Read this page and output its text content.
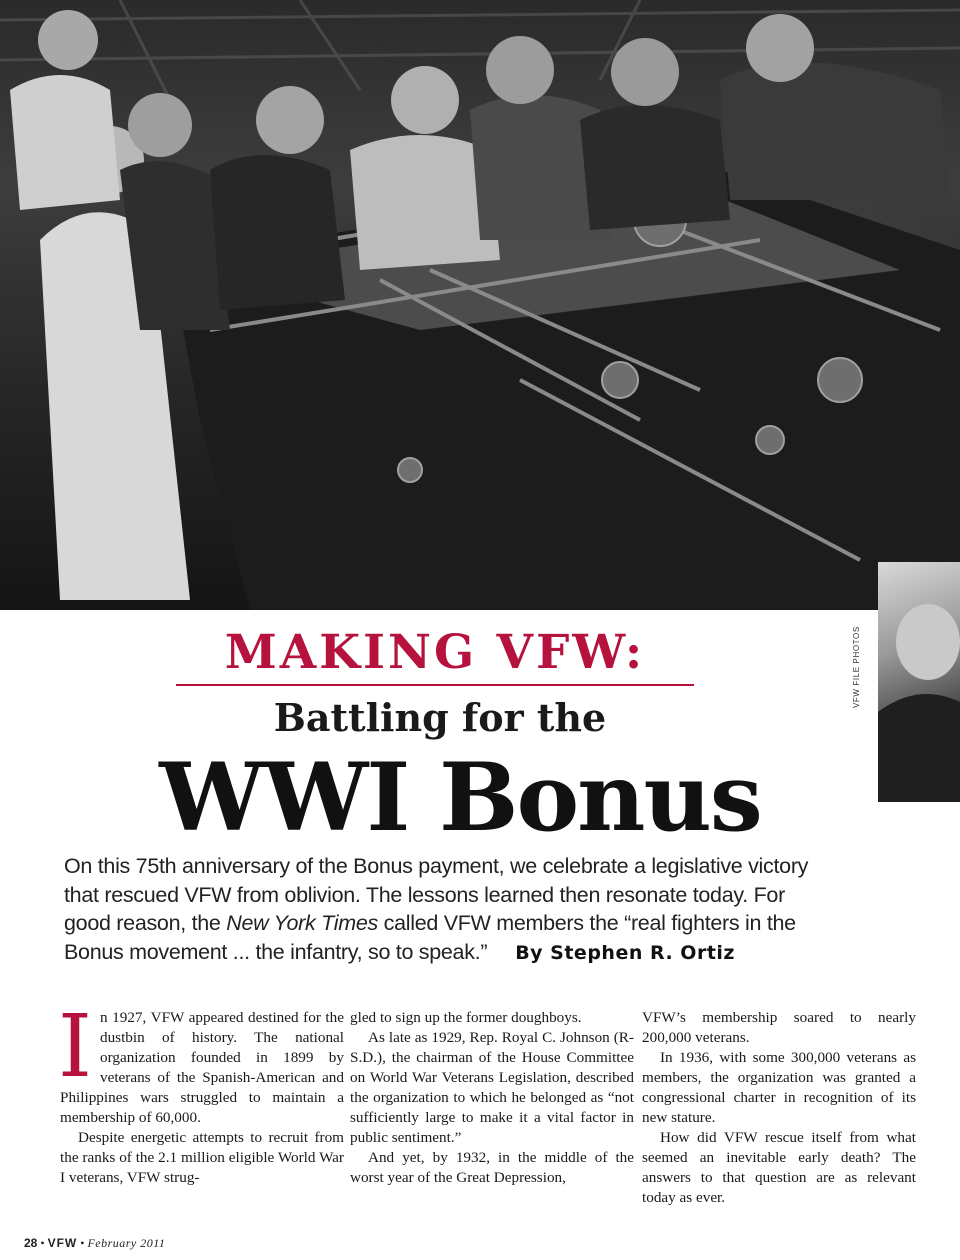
VFW FILE PHOTOS
MAKING VFW:
Battling for the
WWI Bonus
On this 75th anniversary of the Bonus payment, we celebrate a legislative victory
that rescued VFW from oblivion. The lessons learned then resonate today. For
good reason, the New York Times called VFW members the “real fighters in the
Bonus movement ... the infantry, so to speak.” By Stephen R. Ortiz

In 1927, VFW appeared destined for the dustbin of history. The national organization founded in 1899 by veterans of the Spanish-American and Philippines wars struggled to maintain a membership of 60,000.

Despite energetic attempts to recruit from the ranks of the 2.1 million eligible World War I veterans, VFW strug-

gled to sign up the former doughboys.

As late as 1929, Rep. Royal C. Johnson (R-S.D.), the chairman of the House Committee on World War Veterans Legislation, described the organization to which he belonged as “not sufficiently large to make it a vital factor in public sentiment.”

And yet, by 1932, in the middle of the worst year of the Great Depression,

VFW’s membership soared to nearly 200,000 veterans.

In 1936, with some 300,000 veterans as members, the organization was granted a congressional charter in recognition of its new stature.

How did VFW rescue itself from what seemed an inevitable early death? The answers to that question are as relevant today as ever.

28 • VFW • February 2011
